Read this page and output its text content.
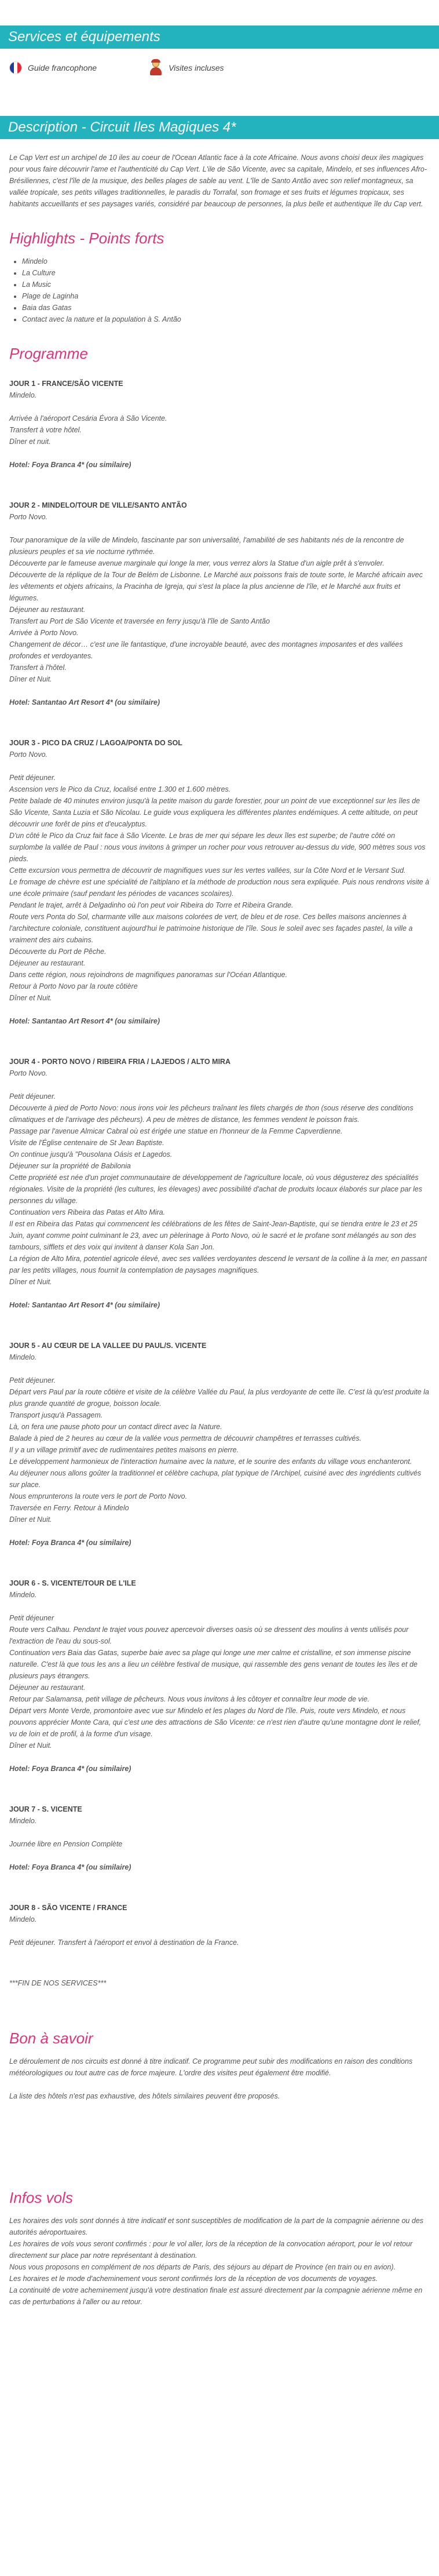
Services et équipements
Guide francophone	Visites incluses
Description - Circuit Iles Magiques 4*
Le Cap Vert est un archipel de 10 iles au coeur de l'Ocean Atlantic face à la cote Africaine. Nous avons choisi deux iles magiques pour vous faire découvrir l'ame et l'authenticité du Cap Vert. L'ile de São Vicente, avec sa capitale, Mindelo, et ses influences Afro-Brésiliennes, c'est l'île de la musique, des belles plages de sable au vent. L'île de Santo Antão avec son relief montagneux, sa vallée tropicale, ses petits villages traditionnelles, le paradis du Torrafal, son fromage et ses fruits et légumes tropicaux, ses habitants accueillants et ses paysages variés, considéré par beaucoup de personnes, la plus belle et authentique île du Cap vert.
Highlights - Points forts
• Mindelo
• La Culture
• La Music
• Plage de Laginha
• Baia das Gatas
• Contact avec la nature et la population à S. Antão
Programme

JOUR 1 - FRANCE/SÃO VICENTE

Mindelo.

Arrivée à l'aéroport Cesária Évora à São Vicente.

Transfert à votre hôtel.

Dîner et nuit.

Hotel: Foya Branca 4* (ou similaire)

JOUR 2 - MINDELO/TOUR DE VILLE/SANTO ANTÃO

Porto Novo.

Tour panoramique de la ville de Mindelo, fascinante par son universalité, l'amabilité de ses habitants nés de la rencontre de plusieurs peuples et sa vie nocturne rythmée.

Découverte par le fameuse avenue marginale qui longe la mer, vous verrez alors la Statue d'un aigle prêt à s'envoler.

Découverte de la réplique de la Tour de Belém de Lisbonne. Le Marché aux poissons frais de toute sorte, le Marché africain avec les vêtements et objets africains, la Pracinha de Igreja, qui s'est la place la plus ancienne de l'île, et le Marché aux fruits et légumes.

Déjeuner au restaurant.

Transfert au Port de São Vicente et traversée en ferry jusqu'à l'île de Santo Antão

Arrivée à Porto Novo.

Changement de décor… c'est une île fantastique, d'une incroyable beauté, avec des montagnes imposantes et des vallées profondes et verdoyantes.

Transfert à l'hôtel.

Dîner et Nuit.

Hotel: Santantao Art Resort 4* (ou similaire)

JOUR 3 - PICO DA CRUZ / LAGOA/PONTA DO SOL

Porto Novo.

Petit déjeuner.

Ascension vers le Pico da Cruz, localisé entre 1.300 et 1.600 mètres.

Petite balade de 40 minutes environ jusqu'à la petite maison du garde forestier, pour un point de vue exceptionnel sur les îles de São Vicente, Santa Luzia et São Nicolau. Le guide vous expliquera les différentes plantes endémiques. A cette altitude, on peut découvrir une forêt de pins et d'eucalyptus.

D'un côté le Pico da Cruz fait face à São Vicente. Le bras de mer qui sépare les deux îles est superbe; de l'autre côté on surplombe la vallée de Paul : nous vous invitons à grimper un rocher pour vous retrouver au-dessus du vide, 900 mètres sous vos pieds.

Cette excursion vous permettra de découvrir de magnifiques vues sur les vertes vallées, sur la Côte Nord et le Versant Sud.

Le fromage de chèvre est une spécialité de l'altiplano et la méthode de production nous sera expliquée. Puis nous rendrons visite à une école primaire (sauf pendant les périodes de vacances scolaires).

Pendant le trajet, arrêt à Delgadinho où l'on peut voir Ribeira do Torre et Ribeira Grande.

Route vers Ponta do Sol, charmante ville aux maisons colorées de vert, de bleu et de rose. Ces belles maisons anciennes à l'architecture coloniale, constituent aujourd'hui le patrimoine historique de l'île. Sous le soleil avec ses façades pastel, la ville a vraiment des airs cubains.

Découverte du Port de Pêche.

Déjeuner au restaurant.

Dans cette région, nous rejoindrons de magnifiques panoramas sur l'Océan Atlantique.

Retour à Porto Novo par la route côtière

Dîner et Nuit.

Hotel: Santantao Art Resort 4* (ou similaire)

JOUR 4 - PORTO NOVO / RIBEIRA FRIA / LAJEDOS / ALTO MIRA

Porto Novo.

Petit déjeuner.

Découverte à pied de Porto Novo: nous irons voir les pêcheurs traînant les filets chargés de thon (sous réserve des conditions climatiques et de l'arrivage des pêcheurs). A peu de mètres de distance, les femmes vendent le poisson frais.

Passage par l'avenue Almicar Cabral où est érigée une statue en l'honneur de la Femme Capverdienne.

Visite de l'Église centenaire de St Jean Baptiste.

On continue jusqu'à "Pousolana Oásis et Lagedos.

Déjeuner sur la propriété de Babilonia

Cette propriété est née d'un projet communautaire de développement de l'agriculture locale, où vous dégusterez des spécialités régionales. Visite de la propriété (les cultures, les élevages) avec possibilité d'achat de produits locaux élaborés sur place par les personnes du village.

Continuation vers Ribeira das Patas et Alto Mira.

Il est en Ribeira das Patas qui commencent les célébrations de les fêtes de Saint-Jean-Baptiste, qui se tiendra entre le 23 et 25 Juin, ayant comme point culminant le 23, avec un pèlerinage à Porto Novo, où le sacré et le profane sont mélangés au son des tambours, sifflets et des voix qui invitent à danser Kola San Jon.

La région de Alto Mira, potentiel agricole élevé, avec ses vallées verdoyantes descend le versant de la colline à la mer, en passant par les petits villages, nous fournit la contemplation de paysages magnifiques.

Dîner et Nuit.

Hotel: Santantao Art Resort 4* (ou similaire)

JOUR 5 - AU CŒUR DE LA VALLEE DU PAUL/S. VICENTE

Mindelo.

Petit déjeuner.

Départ vers Paul par la route côtière et visite de la célèbre Vallée du Paul, la plus verdoyante de cette île. C'est là qu'est produite la plus grande quantité de grogue, boisson locale.

Transport jusqu'à Passagem.

Là, on fera une pause photo pour un contact direct avec la Nature.

Balade à pied de 2 heures au cœur de la vallée vous permettra de découvrir champêtres et terrasses cultivés.

Il y a un village primitif avec de rudimentaires petites maisons en pierre.

Le développement harmonieux de l'interaction humaine avec la nature, et le sourire des enfants du village vous enchanteront.

Au déjeuner nous allons goûter la traditionnel et célèbre cachupa, plat typique de l'Archipel, cuisiné avec des ingrédients cultivés sur place.

Nous emprunterons la route vers le port de Porto Novo.

Traversée en Ferry. Retour à Mindelo

Dîner et Nuit.

Hotel: Foya Branca 4* (ou similaire)

JOUR 6 - S. VICENTE/TOUR DE L'ILE

Mindelo.

Petit déjeuner

Route vers Calhau. Pendant le trajet vous pouvez apercevoir diverses oasis où se dressent des moulins à vents utilisés pour l'extraction de l'eau du sous-sol.

Continuation vers Baia das Gatas, superbe baie avec sa plage qui longe une mer calme et cristalline, et son immense piscine naturelle. C'est là que tous les ans a lieu un célèbre festival de musique, qui rassemble des gens venant de toutes les îles et de plusieurs pays étrangers.

Déjeuner au restaurant.

Retour par Salamansa, petit village de pêcheurs. Nous vous invitons à les côtoyer et connaître leur mode de vie.

Départ vers Monte Verde, promontoire avec vue sur Mindelo et les plages du Nord de l'île. Puis, route vers Mindelo, et nous pouvons apprécier Monte Cara, qui c'est une des attractions de São Vicente: ce n'est rien d'autre qu'une montagne dont le relief, vu de loin et de profil, à la forme d'un visage.

Dîner et Nuit.

Hotel: Foya Branca 4* (ou similaire)

JOUR 7 - S. VICENTE

Mindelo.

Journée libre en Pension Complète

Hotel: Foya Branca 4* (ou similaire)

JOUR 8 - SÃO VICENTE / FRANCE

Mindelo.

Petit déjeuner. Transfert à l'aéroport et envol à destination de la France.

***FIN DE NOS SERVICES***
Bon à savoir

Le déroulement de nos circuits est donné à titre indicatif. Ce programme peut subir des modifications en raison des conditions météorologiques ou tout autre cas de force majeure. L'ordre des visites peut également être modifié.

La liste des hôtels n'est pas exhaustive, des hôtels similaires peuvent être proposés.

Infos vols

Les horaires des vols sont donnés à titre indicatif et sont susceptibles de modification de la part de la compagnie aérienne ou des autorités aéroportuaires.

Les horaires de vols vous seront confirmés : pour le vol aller, lors de la réception de la convocation aéroport, pour le vol retour directement sur place par notre représentant à destination.

Nous vous proposons en complément de nos départs de Paris, des séjours au départ de Province (en train ou en avion).

Les horaires et le mode d'acheminement vous seront confirmés lors de la réception de vos documents de voyages.

La continuité de votre acheminement jusqu'à votre destination finale est assuré directement par la compagnie aérienne même en cas de perturbations à l'aller ou au retour.
